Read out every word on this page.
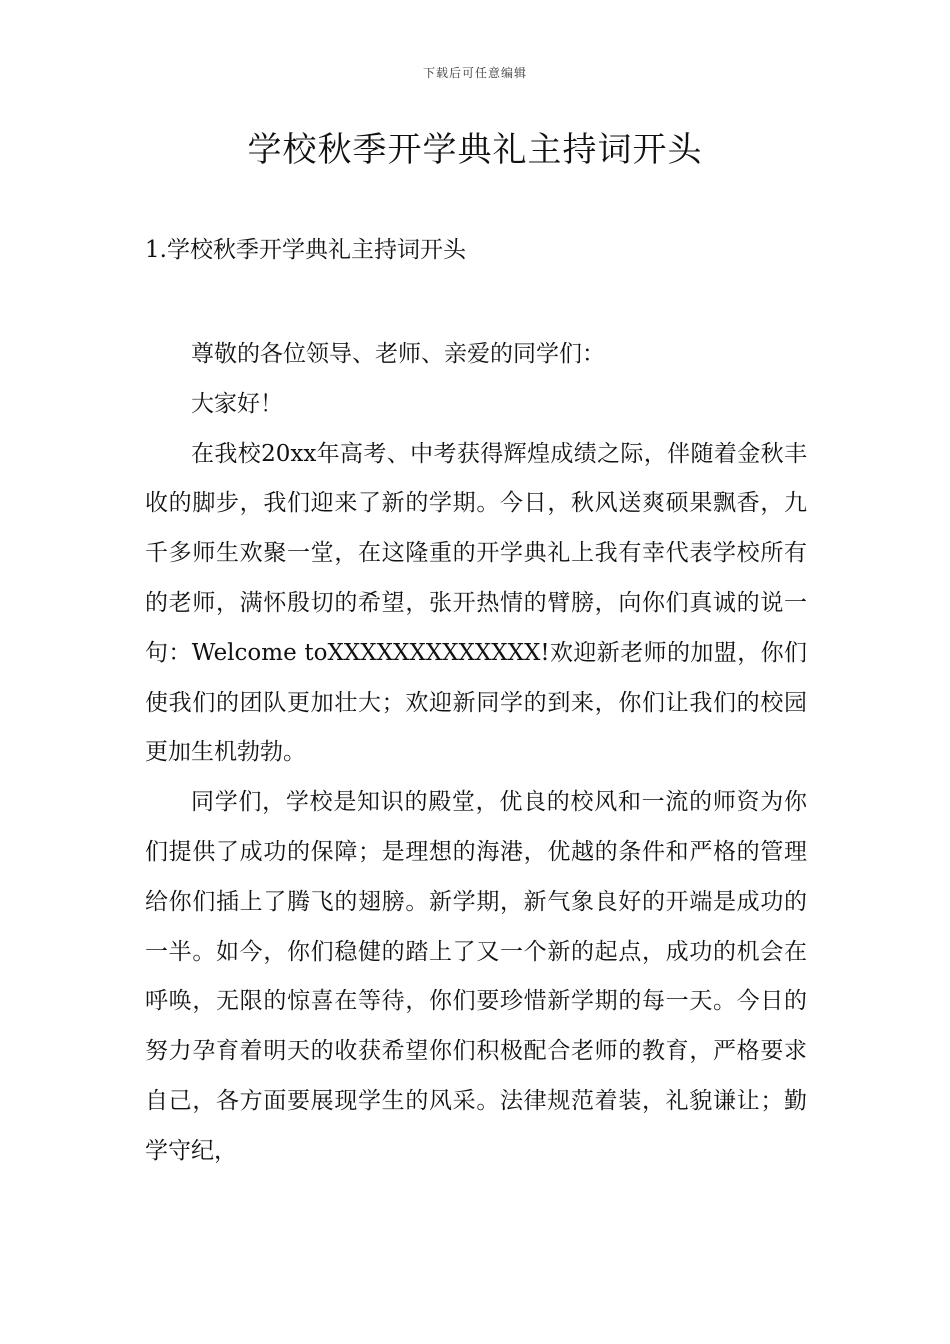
下载后可任意编辑
学校秋季开学典礼主持词开头
1.学校秋季开学典礼主持词开头

尊敬的各位领导、老师、亲爱的同学们：

大家好！

在我校20xx年高考、中考获得辉煌成绩之际，伴随着金秋丰收的脚步，我们迎来了新的学期。今日，秋风送爽硕果飘香，九千多师生欢聚一堂，在这隆重的开学典礼上我有幸代表学校所有的老师，满怀殷切的希望，张开热情的臂膀，向你们真诚的说一句：Welcome toXXXXXXXXXXXXX!欢迎新老师的加盟，你们使我们的团队更加壮大；欢迎新同学的到来，你们让我们的校园更加生机勃勃。

同学们，学校是知识的殿堂，优良的校风和一流的师资为你们提供了成功的保障；是理想的海港，优越的条件和严格的管理给你们插上了腾飞的翅膀。新学期，新气象良好的开端是成功的一半。如今，你们稳健的踏上了又一个新的起点，成功的机会在呼唤，无限的惊喜在等待，你们要珍惜新学期的每一天。今日的努力孕育着明天的收获希望你们积极配合老师的教育，严格要求自己，各方面要展现学生的风采。法律规范着装，礼貌谦让；勤学守纪，
